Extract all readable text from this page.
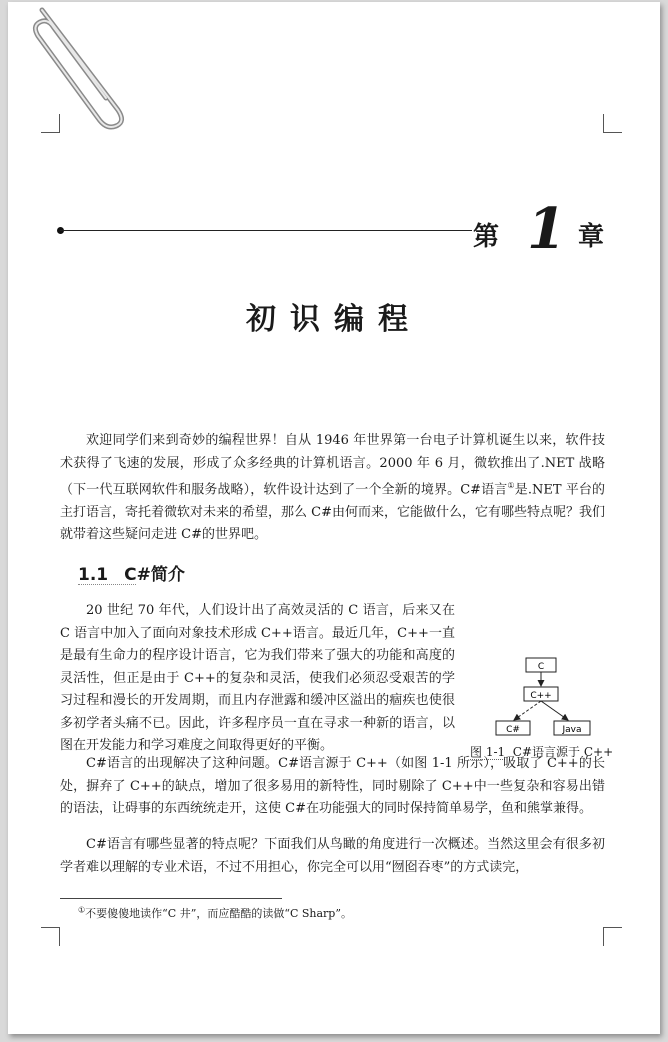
第 1 章
初识编程

欢迎同学们来到奇妙的编程世界！自从 1946 年世界第一台电子计算机诞生以来，软件技术获得了飞速的发展，形成了众多经典的计算机语言。2000 年 6 月，微软推出了.NET 战略（下一代互联网软件和服务战略），软件设计达到了一个全新的境界。C#语言①是.NET 平台的主打语言，寄托着微软对未来的希望，那么 C#由何而来，它能做什么，它有哪些特点呢？我们就带着这些疑问走进 C#的世界吧。

1.1 C#简介

20 世纪 70 年代，人们设计出了高效灵活的 C 语言，后来又在 C 语言中加入了面向对象技术形成 C++语言。最近几年，C++一直是最有生命力的程序设计语言，它为我们带来了强大的功能和高度的灵活性，但正是由于 C++的复杂和灵活，使我们必须忍受艰苦的学习过程和漫长的开发周期，而且内存泄露和缓冲区溢出的痼疾也使很多初学者头痛不已。因此，许多程序员一直在寻求一种新的语言，以图在开发能力和学习难度之间取得更好的平衡。

C
C++
C#	Java
图 1-1 C#语言源于 C++

C#语言的出现解决了这种问题。C#语言源于 C++（如图 1-1 所示），吸取了 C++的长处，摒弃了 C++的缺点，增加了很多易用的新特性，同时剔除了 C++中一些复杂和容易出错的语法，让碍事的东西统统走开，这使 C#在功能强大的同时保持简单易学，鱼和熊掌兼得。

C#语言有哪些显著的特点呢？下面我们从鸟瞰的角度进行一次概述。当然这里会有很多初学者难以理解的专业术语，不过不用担心，你完全可以用“囫囵吞枣”的方式读完，

①不要傻傻地读作“C 井”，而应酷酷的读做“C Sharp”。
